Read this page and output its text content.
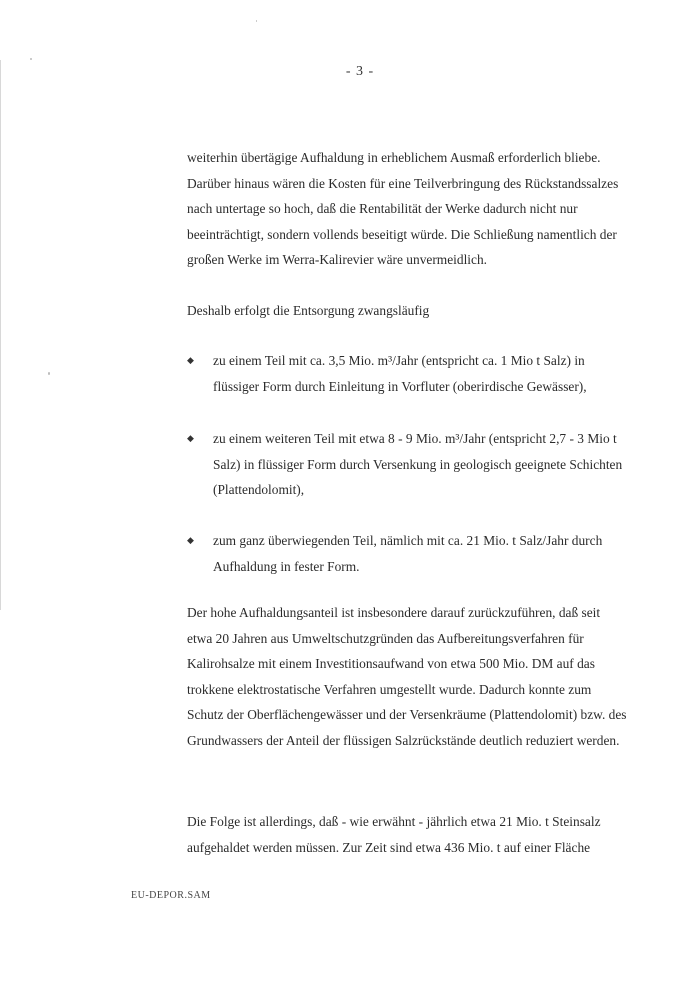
- 3 -

weiterhin übertägige Aufhaldung in erheblichem Ausmaß erforderlich bliebe. Darüber hinaus wären die Kosten für eine Teilverbringung des Rückstandssalzes nach untertage so hoch, daß die Rentabilität der Werke dadurch nicht nur beeinträchtigt, sondern vollends beseitigt würde. Die Schließung namentlich der großen Werke im Werra-Kalirevier wäre unvermeidlich.

Deshalb erfolgt die Entsorgung zwangsläufig

◆ zu einem Teil mit ca. 3,5 Mio. m³/Jahr (entspricht ca. 1 Mio t Salz) in flüssiger Form durch Einleitung in Vorfluter (oberirdische Gewässer),

◆ zu einem weiteren Teil mit etwa 8 - 9 Mio. m³/Jahr (entspricht 2,7 - 3 Mio t Salz) in flüssiger Form durch Versenkung in geologisch geeignete Schichten (Plattendolomit),

◆ zum ganz überwiegenden Teil, nämlich mit ca. 21 Mio. t Salz/Jahr durch Aufhaldung in fester Form.

Der hohe Aufhaldungsanteil ist insbesondere darauf zurückzuführen, daß seit etwa 20 Jahren aus Umweltschutzgründen das Aufbereitungsverfahren für Kalirohsalze mit einem Investitionsaufwand von etwa 500 Mio. DM auf das trokkene elektrostatische Verfahren umgestellt wurde. Dadurch konnte zum Schutz der Oberflächengewässer und der Versenkräume (Plattendolomit) bzw. des Grundwassers der Anteil der flüssigen Salzrückstände deutlich reduziert werden.

Die Folge ist allerdings, daß - wie erwähnt - jährlich etwa 21 Mio. t Steinsalz aufgehaldet werden müssen. Zur Zeit sind etwa 436 Mio. t auf einer Fläche

EU-DEPOR.SAM
